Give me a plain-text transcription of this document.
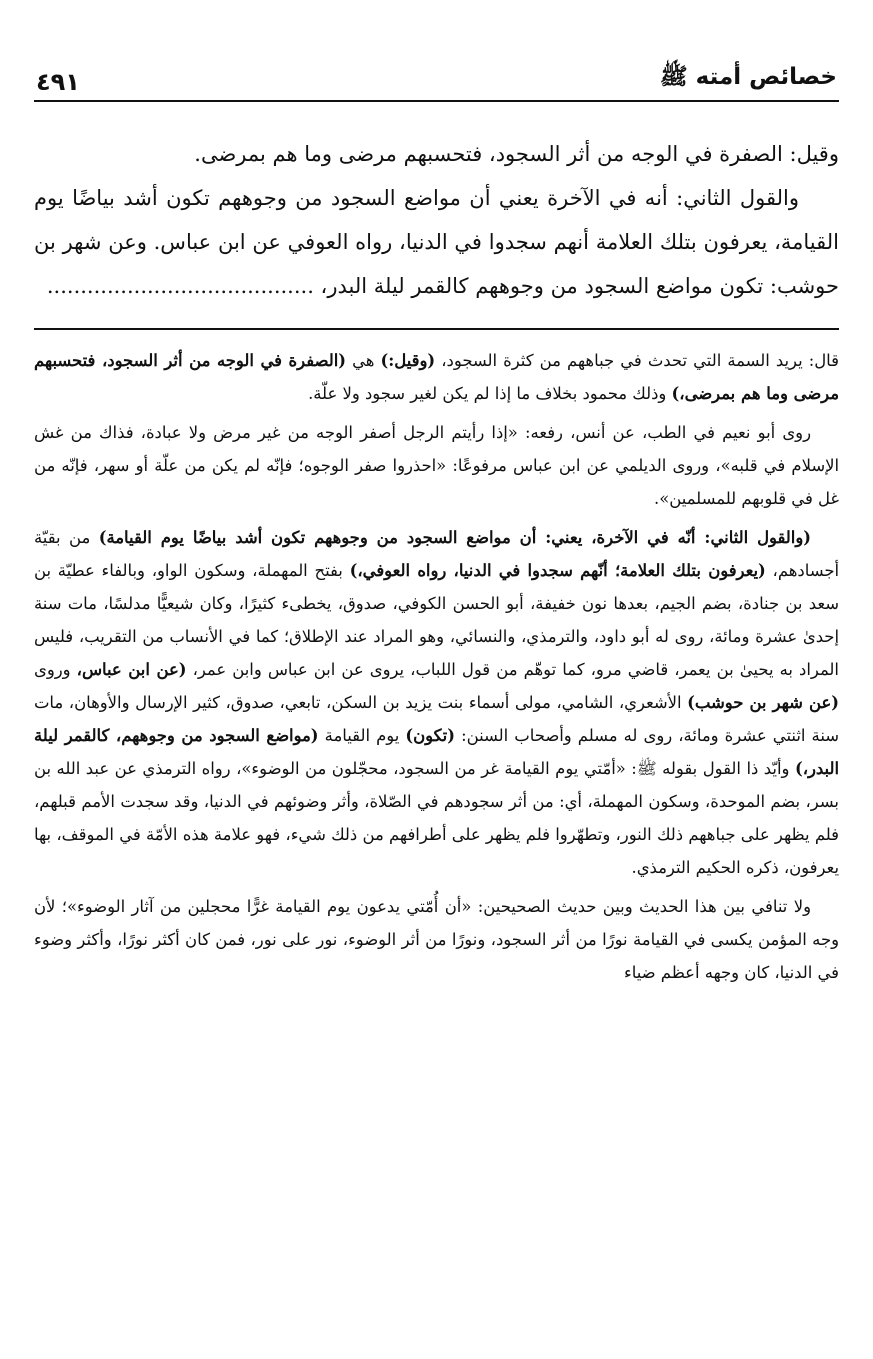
خصائص أمته ﷺ
٤٩١

وقيل: الصفرة في الوجه من أثر السجود، فتحسبهم مرضى وما هم بمرضى.

والقول الثاني: أنه في الآخرة يعني أن مواضع السجود من وجوههم تكون أشد بياضًا يوم القيامة، يعرفون بتلك العلامة أنهم سجدوا في الدنيا، رواه العوفي عن ابن عباس. وعن شهر بن حوشب: تكون مواضع السجود من وجوههم كالقمر ليلة البدر، ........................................

قال: يريد السمة التي تحدث في جباههم من كثرة السجود، (وقيل:) هي (الصفرة في الوجه من أثر السجود، فتحسبهم مرضى وما هم بمرضى،) وذلك محمود بخلاف ما إذا لم يكن لغير سجود ولا علّة.

روى أبو نعيم في الطب، عن أنس، رفعه: «إذا رأيتم الرجل أصفر الوجه من غير مرض ولا عبادة، فذاك من غش الإسلام في قلبه»، وروى الديلمي عن ابن عباس مرفوعًا: «احذروا صفر الوجوه؛ فإنّه لم يكن من علّة أو سهر، فإنّه من غل في قلوبهم للمسلمين».

(والقول الثاني: أنّه في الآخرة، يعني: أن مواضع السجود من وجوههم تكون أشد بياضًا يوم القيامة) من بقيّة أجسادهم، (يعرفون بتلك العلامة؛ أنّهم سجدوا في الدنيا، رواه العوفي،) بفتح المهملة، وسكون الواو، وبالفاء عطيّة بن سعد بن جنادة، بضم الجيم، بعدها نون خفيفة، أبو الحسن الكوفي، صدوق، يخطىء كثيرًا، وكان شيعيًّا مدلسًا، مات سنة إحدىٰ عشرة ومائة، روى له أبو داود، والترمذي، والنسائي، وهو المراد عند الإطلاق؛ كما في الأنساب من التقريب، فليس المراد به يحيىٰ بن يعمر، قاضي مرو، كما توهّم من قول اللباب، يروى عن ابن عباس وابن عمر، (عن ابن عباس، وروى (عن شهر بن حوشب) الأشعري، الشامي، مولى أسماء بنت يزيد بن السكن، تابعي، صدوق، كثير الإرسال والأوهان، مات سنة اثنتي عشرة ومائة، روى له مسلم وأصحاب السنن: (تكون) يوم القيامة (مواضع السجود من وجوههم، كالقمر ليلة البدر،) وأيّد ذا القول بقوله ﷺ: «أمّتي يوم القيامة غر من السجود، محجّلون من الوضوء»، رواه الترمذي عن عبد الله بن بسر، بضم الموحدة، وسكون المهملة، أي: من أثر سجودهم في الصّلاة، وأثر وضوئهم في الدنيا، وقد سجدت الأمم قبلهم، فلم يظهر على جباههم ذلك النور، وتطهّروا فلم يظهر على أطرافهم من ذلك شيء، فهو علامة هذه الأمّة في الموقف، بها يعرفون، ذكره الحكيم الترمذي.

ولا تنافي بين هذا الحديث وبين حديث الصحيحين: «أن أُمّتي يدعون يوم القيامة غرًّا محجلين من آثار الوضوء»؛ لأن وجه المؤمن يكسى في القيامة نورًا من أثر السجود، ونورًا من أثر الوضوء، نور على نور، فمن كان أكثر نورًا، وأكثر وضوء في الدنيا، كان وجهه أعظم ضياء
